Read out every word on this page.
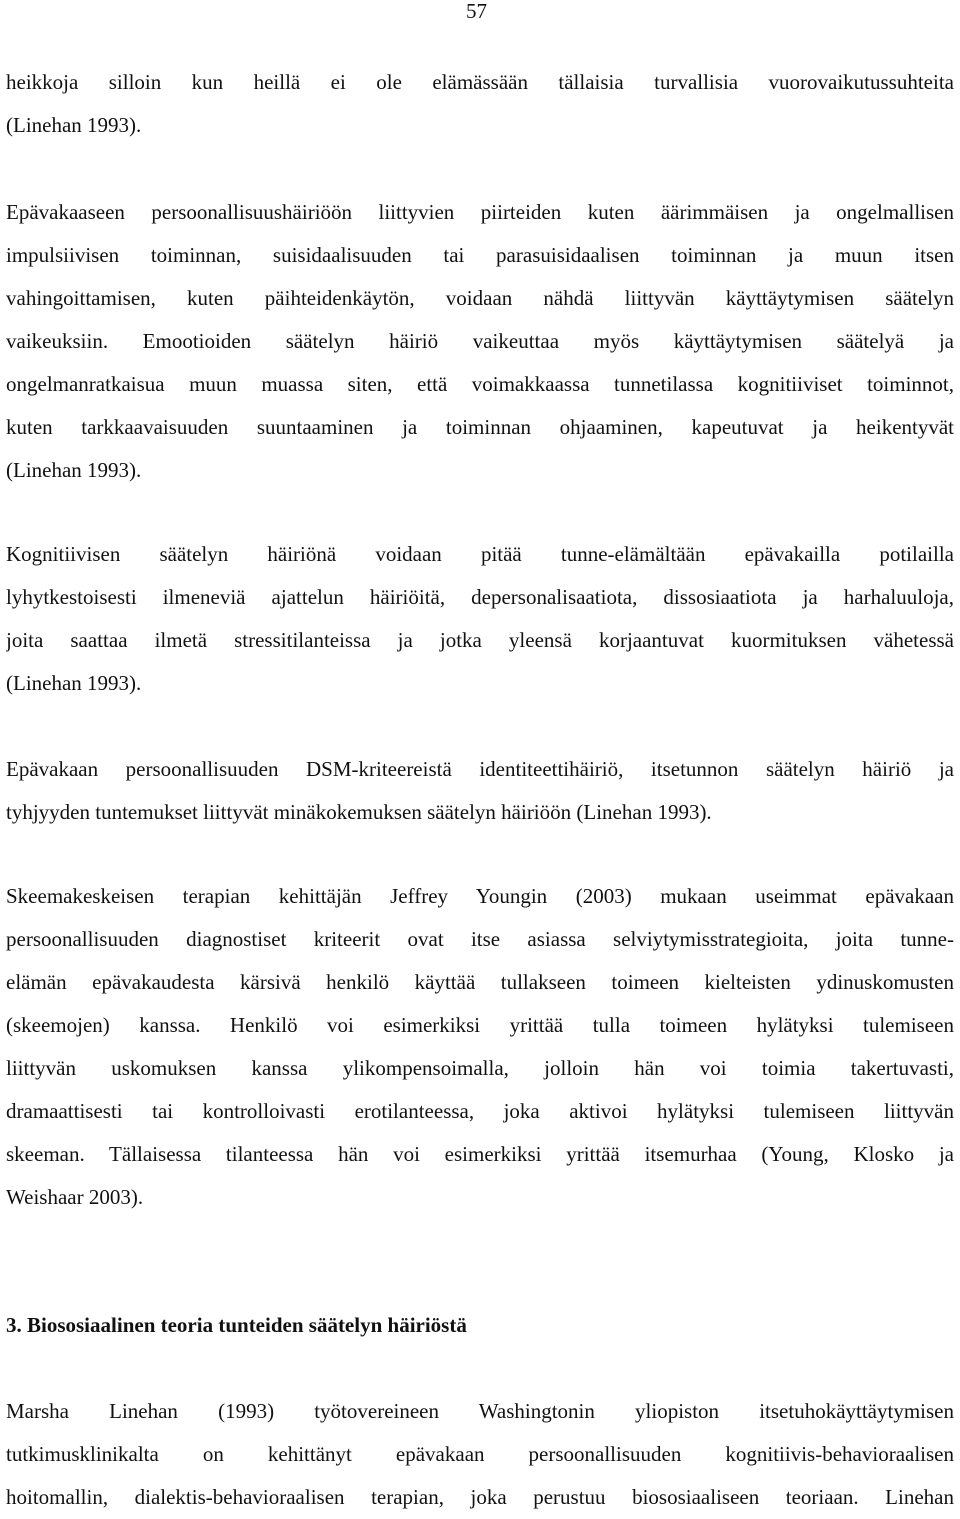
57

heikkoja silloin kun heillä ei ole elämässään tällaisia turvallisia vuorovaikutussuhteita
(Linehan 1993).

Epävakaaseen persoonallisuushäiriöön liittyvien piirteiden kuten äärimmäisen ja ongelmallisen
impulsiivisen toiminnan, suisidaalisuuden tai parasuisidaalisen toiminnan ja muun itsen
vahingoittamisen, kuten päihteidenkäytön, voidaan nähdä liittyvän käyttäytymisen säätelyn
vaikeuksiin. Emootioiden säätelyn häiriö vaikeuttaa myös käyttäytymisen säätelyä ja
ongelmanratkaisua muun muassa siten, että voimakkaassa tunnetilassa kognitiiviset toiminnot,
kuten tarkkaavaisuuden suuntaaminen ja toiminnan ohjaaminen, kapeutuvat ja heikentyvät
(Linehan 1993).

Kognitiivisen säätelyn häiriönä voidaan pitää tunne-elämältään epävakailla potilailla
lyhytkestoisesti ilmeneviä ajattelun häiriöitä, depersonalisaatiota, dissosiaatiota ja harhaluuloja,
joita saattaa ilmetä stressitilanteissa ja jotka yleensä korjaantuvat kuormituksen vähetessä
(Linehan 1993).

Epävakaan persoonallisuuden DSM-kriteereistä identiteettihäiriö, itsetunnon säätelyn häiriö ja
tyhjyyden tuntemukset liittyvät minäkokemuksen säätelyn häiriöön (Linehan 1993).

Skeemakeskeisen terapian kehittäjän Jeffrey Youngin (2003) mukaan useimmat epävakaan
persoonallisuuden diagnostiset kriteerit ovat itse asiassa selviytymisstrategioita, joita tunne-
elämän epävakaudesta kärsivä henkilö käyttää tullakseen toimeen kielteisten ydinuskomusten
(skeemojen) kanssa. Henkilö voi esimerkiksi yrittää tulla toimeen hylätyksi tulemiseen
liittyvän uskomuksen kanssa ylikompensoimalla, jolloin hän voi toimia takertuvasti,
dramaattisesti tai kontrolloivasti erotilanteessa, joka aktivoi hylätyksi tulemiseen liittyvän
skeeman. Tällaisessa tilanteessa hän voi esimerkiksi yrittää itsemurhaa (Young, Klosko ja
Weishaar 2003).

3. Biososiaalinen teoria tunteiden säätelyn häiriöstä

Marsha Linehan (1993) työtovereineen Washingtonin yliopiston itsetuhokäyttäytymisen
tutkimusklinikalta on kehittänyt epävakaan persoonallisuuden kognitiivis-behavioraalisen
hoitomallin, dialektis-behavioraalisen terapian, joka perustuu biososiaaliseen teoriaan. Linehan
